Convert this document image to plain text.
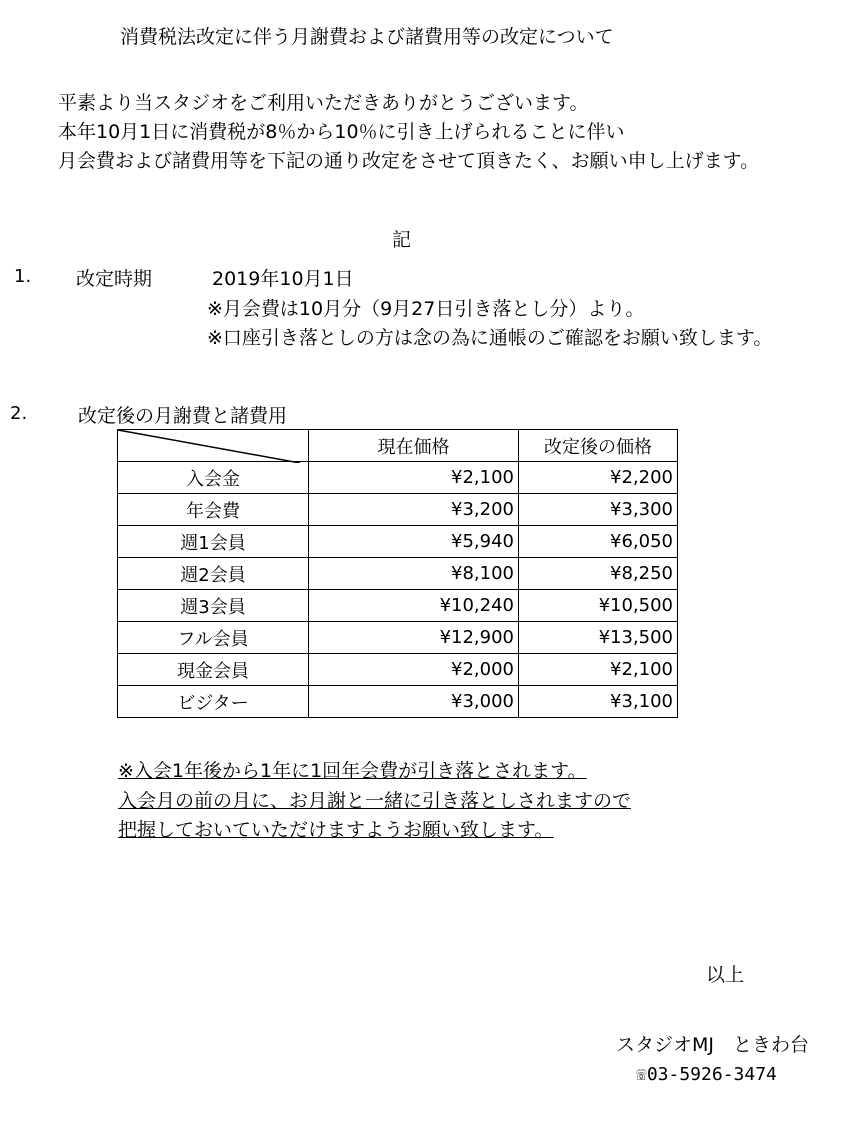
消費税法改定に伴う月謝費および諸費用等の改定について
平素より当スタジオをご利用いただきありがとうございます。
本年10月1日に消費税が8％から10％に引き上げられることに伴い
月会費および諸費用等を下記の通り改定をさせて頂きたく、お願い申し上げます。
記
1. 改定時期	2019年10月1日
※月会費は10月分（9月27日引き落とし分）より。
※口座引き落としの方は念の為に通帳のご確認をお願い致します。
2.	改定後の月謝費と諸費用
	現在価格	改定後の価格
入会金	¥2,100	¥2,200
年会費	¥3,200	¥3,300
週1会員	¥5,940	¥6,050
週2会員	¥8,100	¥8,250
週3会員	¥10,240	¥10,500
フル会員	¥12,900	¥13,500
現金会員	¥2,000	¥2,100
ビジター	¥3,000	¥3,100
※入会1年後から1年に1回年会費が引き落とされます。
入会月の前の月に、お月謝と一緒に引き落としされますので
把握しておいていただけますようお願い致します。
以上
スタジオMJ　ときわ台
☏03-5926-3474
